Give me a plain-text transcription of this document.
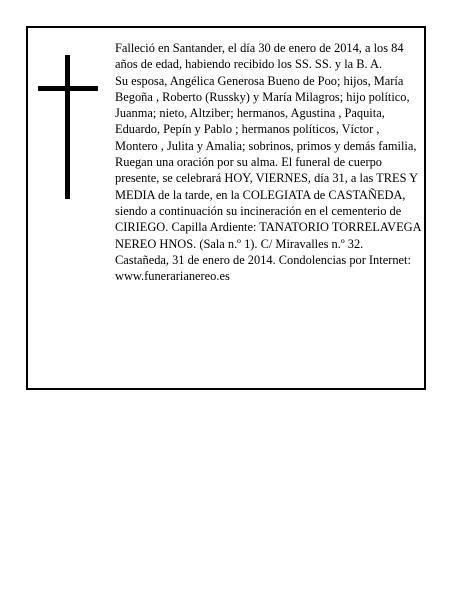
Falleció en Santander, el día 30 de enero de 2014, a los 84 años de edad, habiendo recibido los SS. SS. y la B. A.

Su esposa, Angélica Generosa Bueno de Poo; hijos, María Begoña , Roberto (Russky) y María Milagros; hijo político, Juanma; nieto, Altziber; hermanos, Agustina , Paquita, Eduardo, Pepín y Pablo ; hermanos políticos, Víctor , Montero , Julita y Amalia; sobrinos, primos y demás familia,

Ruegan una oración por su alma. El funeral de cuerpo presente, se celebrará HOY, VIERNES, día 31, a las TRES Y MEDIA de la tarde, en la COLEGIATA de CASTAÑEDA, siendo a continuación su incineración en el cementerio de CIRIEGO. Capilla Ardiente: TANATORIO TORRELAVEGA NEREO HNOS. (Sala n.º 1). C/ Miravalles n.º 32.

Castañeda, 31 de enero de 2014. Condolencias por Internet: www.funerarianereo.es
